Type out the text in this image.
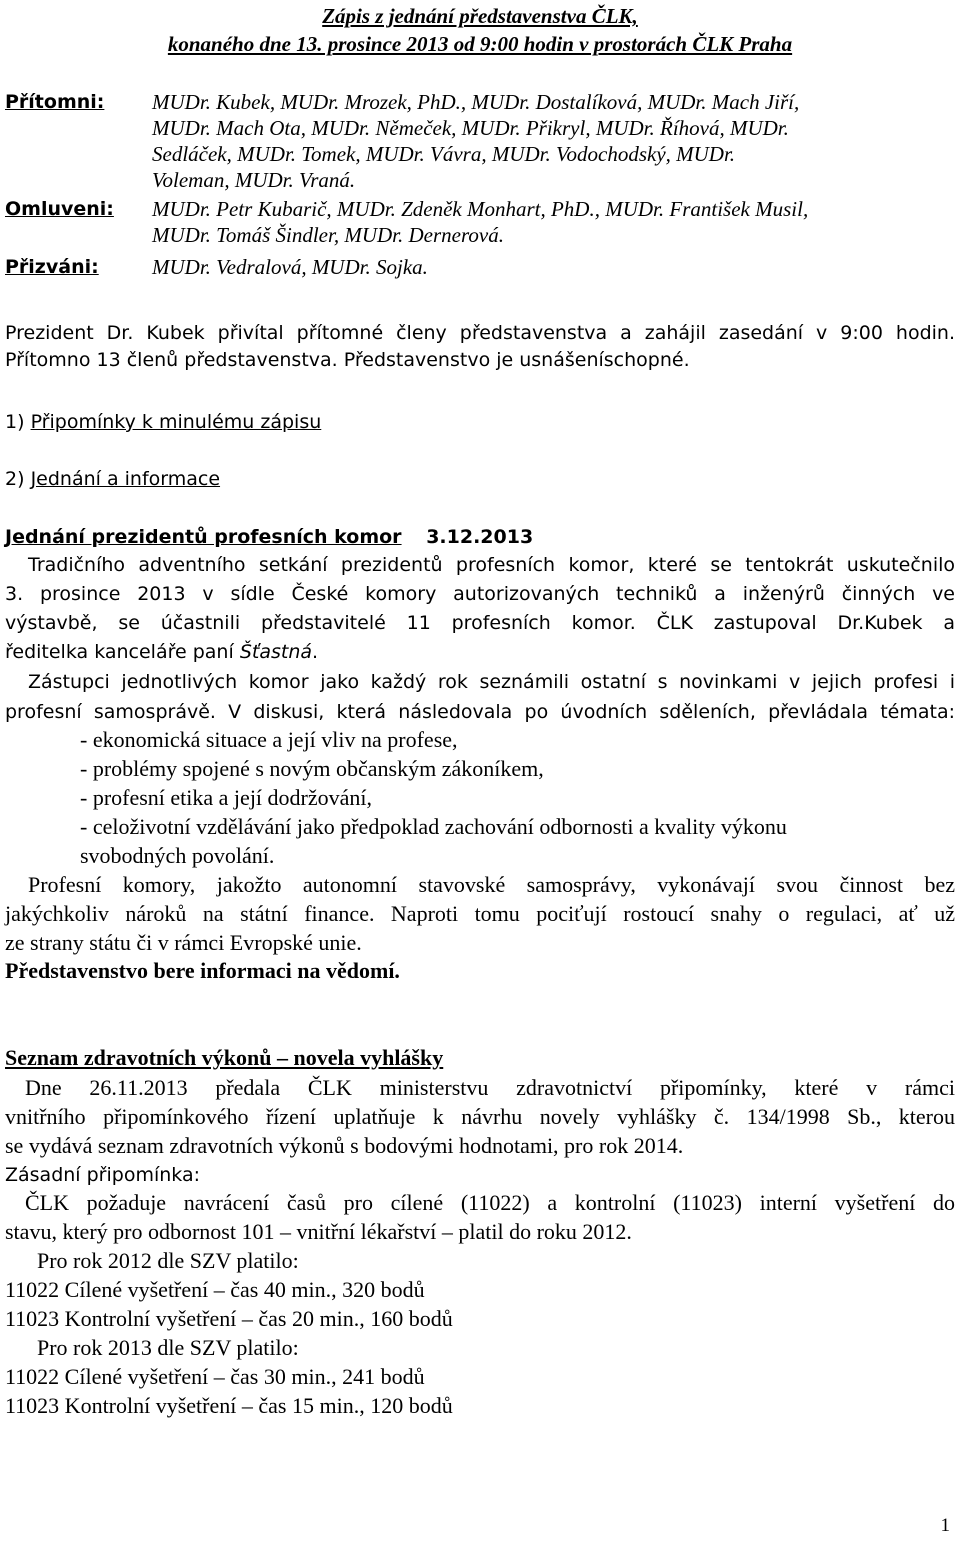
Zápis z jednání představenstva ČLK,
konaného dne 13. prosince 2013 od 9:00 hodin v prostorách ČLK Praha
Přítomni: MUDr. Kubek, MUDr. Mrozek, PhD., MUDr. Dostalíková, MUDr. Mach Jiří,
MUDr. Mach Ota, MUDr. Němeček, MUDr. Přikryl, MUDr. Říhová, MUDr.
Sedláček, MUDr. Tomek, MUDr. Vávra, MUDr. Vodochodský, MUDr.
Voleman, MUDr. Vraná.
Omluveni: MUDr. Petr Kubarič, MUDr. Zdeněk Monhart, PhD., MUDr. František Musil,
MUDr. Tomáš Šindler, MUDr. Dernerová.
Přizváni:	MUDr. Vedralová, MUDr. Sojka.
Prezident Dr. Kubek přivítal přítomné členy představenstva a zahájil zasedání v 9:00 hodin.
Přítomno 13 členů představenstva. Představenstvo je usnášeníschopné.
1) Připomínky k minulému zápisu
2) Jednání a informace
Jednání prezidentů profesních komor 3.12.2013
Tradičního adventního setkání prezidentů profesních komor, které se tentokrát uskutečnilo
3. prosince 2013 v sídle České komory autorizovaných techniků a inženýrů činných ve
výstavbě, se účastnili představitelé 11 profesních komor. ČLK zastupoval Dr.Kubek a
ředitelka kanceláře paní Šťastná.
Zástupci jednotlivých komor jako každý rok seznámili ostatní s novinkami v jejich profesi i
profesní samosprávě. V diskusi, která následovala po úvodních sděleních, převládala témata:
- ekonomická situace a její vliv na profese,
- problémy spojené s novým občanským zákoníkem,
- profesní etika a její dodržování,
- celoživotní vzdělávání jako předpoklad zachování odbornosti a kvality výkonu
svobodných povolání.
Profesní komory, jakožto autonomní stavovské samosprávy, vykonávají svou činnost bez
jakýchkoliv nároků na státní finance. Naproti tomu pociťují rostoucí snahy o regulaci, ať už
ze strany státu či v rámci Evropské unie.
Představenstvo bere informaci na vědomí.
Seznam zdravotních výkonů – novela vyhlášky
Dne 26.11.2013 předala ČLK ministerstvu zdravotnictví připomínky, které v rámci
vnitřního připomínkového řízení uplatňuje k návrhu novely vyhlášky č. 134/1998 Sb., kterou
se vydává seznam zdravotních výkonů s bodovými hodnotami, pro rok 2014.
Zásadní připomínka:
ČLK požaduje navrácení časů pro cílené (11022) a kontrolní (11023) interní vyšetření do
stavu, který pro odbornost 101 – vnitřní lékařství – platil do roku 2012.
Pro rok 2012 dle SZV platilo:
11022 Cílené vyšetření – čas 40 min., 320 bodů
11023 Kontrolní vyšetření – čas 20 min., 160 bodů
Pro rok 2013 dle SZV platilo:
11022 Cílené vyšetření – čas 30 min., 241 bodů
11023 Kontrolní vyšetření – čas 15 min., 120 bodů
1
